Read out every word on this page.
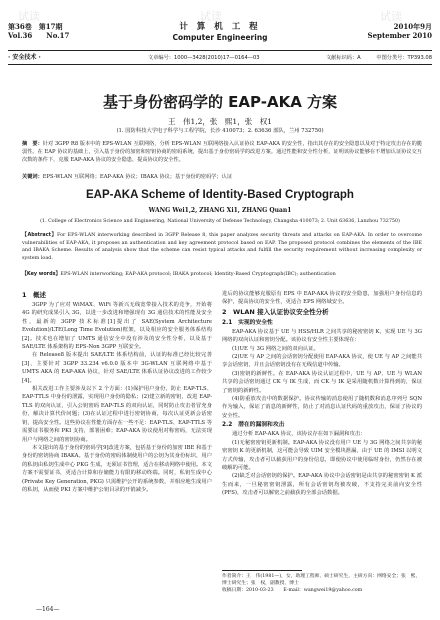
试读	试读	试读
第36卷　第17期
Vol.36　　No.17
计 算 机 工 程
Computer Engineering
2010年9月
September 2010
· 安全技术 ·	文章编号：1000—3428(2010)17—0164—03	文献标识码：A	中图分类号：TP393.08
基于身份密码学的 EAP-AKA 方案
王　伟1,2，张　熙1，张　权1
(1. 国防科技大学电子科学与工程学院，长沙 410073；2. 63636 部队，兰州 732750)
摘　要：针对 3GPP R8 版本中的 EPS-WLAN 互联网络，分析 EPS-WLAN 互联网络接入认证协议 EAP-AKA 的安全性，指出其存在的安全隐患以及对于特定攻击存在的脆弱性。在 EAP 协议的基础上，引入基于身份的加密和密钥协商的密码系统，提出基于身份密码学的改进方案。通过性能和安全性分析，证明该协议能够在不增加认证协议交互次数的条件下，克服 EAP-AKA 协议的安全隐患，提高协议的安全性。
关键词：EPS-WLAN 互联网络；EAP-AKA 协议；IBAKA 协议；基于身份的密码学；认证
EAP-AKA Scheme of Identity-Based Cryptograph
WANG Wei1,2, ZHANG Xi1, ZHANG Quan1
(1. College of Electronics Science and Engineering, National University of Defense Technology, Changsha 410073; 2. Unit 63636, Lanzhou 732750)
【Abstract】For EPS-WLAN interworking described in 3GPP Release 8, this paper analyzes security threats and attacks on EAP-AKA. In order to overcome vulnerabilities of EAP-AKA, it proposes an authentication and key agreement protocol based on EAP. The proposed protocol combines the elements of the IBE and IBAKA Scheme. Results of analysis show that the scheme can resist typical attacks and fulfill the security requirement without increasing complexity or system load.
【Key words】EPS-WLAN interworking; EAP-AKA protocol; IBAKA protocol; Identity-Based Cryptograph(IBC); authentication
1　概述

3GPP 为了应对 WiMAX、WiFi 等新兴无线宽带接入技术的竞争，开始将 4G 的研究成果引入 3G，以进一步改进和增强现有 3G 通信技术的性能及安全性，最新的 3GPP 技术标准[1]提出了 SAE(System Architecture Evolution)/LTE(Long Time Evolution)框架，以及相应的安全服务体系结构[2]。技术也在增加了 UMTS 通信安全中没有涉及的安全性分析，以及基于 SAE/LTE 体系架构的 EPS-Non 3GPP 互联安全。

在 Release8 版本提出 SAE/LTE 体系结构前，认证的标准已经比较完善[3]，主要针对 3GPP 33.234 v6.0.0 版本中 3G-WLAN 互联网络中基于 UMTS AKA 的 EAP-AKA 协议，针对 SAE/LTE 体系认证协议改进的工作较少[4]。

相关改进工作主要涉及以下 2 个方面：(1)保护用户身份，防止 EAP-TLS、EAP-TTLS 中身份的泄露，实现用户身份的隐私；(2)建立新的密钥，改进 EAP-TLS 的双向认证，引入公钥密码 EAP-TLS 的双向认证，同时防止攻击者冒充身份，解决计算代价问题；(3)在认证过程中进行密钥协商，每次认证更新会话密钥，提高安全性。这些协议在性能方面存在一些不足：EAP-TLS、EAP-TTLS 等需要证书服务和 PKI 支持，部署困难；EAP-AKA 协议使用对称密码，无法实现用户与网络之间的密钥协商。

本文提出的基于身份的密码学[9]改进方案，包括基于身份的加密 IBE 和基于身份的密钥协商 IBAKA。基于身份的密码体制使用户的公钥为其身份标识，用户的私钥由私钥生成中心 PKG 生成，无须证书管理，适合在移动网络中使用。本文方案不需要证书，更适合计算和存储能力有限的移动终端。同时，私钥生成中心 (Private Key Generation, PKG) 只需维护公开的系统参数，并相应地生成用户的私钥，从而使 PKI 方案中维护公钥目录的开销减少。

进后的协议能够克服原有 EPS 中 EAP-AKA 协议的安全隐患，加强用户身份信息的保护，提高协议的安全性，更适合 EPS 网络域安全。

2　WLAN 接入认证协议安全性分析
2.1　实现的安全性

EAP-AKA 协议基于 UE 与 HSS/HLR 之间共享的秘密密钥 K，实现 UE 与 3G 网络的双向认证和密钥分配。该协议有安全性主要体现在：

(1)UE 与 3G 网络之间的双向认证。

(2)UE 与 AP 之间的会话密钥分配使用 EAP-AKA 协议，使 UE 与 AP 之间能共享会话密钥，并且会话密钥没有在无线信道中传输。

(3)密钥的新鲜性。在 EAP-AKA 协议认证过程中，UE 与 AP、UE 与 WLAN 共享的会话密钥通过 CK 与 IK 生成，而 CK 与 IK 是采用随机数计算得到的，保证了密钥的新鲜性。

(4)防重放攻击中的数据保护。协议传输的消息使用了随机数和消息序列号 SQN 作为输入，保证了消息的新鲜性，防止了对消息认证代码的重放攻击，保证了协议的安全性。

2.2　潜在的漏洞和攻击

通过分析 EAP-AKA 协议，该协议存在如下漏洞和攻击：

(1)无秘密密钥更新机制。EAP-AKA 协议没有用户 UE 与 3G 网络之间共享的秘密密钥 K 的更新机制，这可能会导致 UIM 安全模块泄漏，由于 UE 的 IMSI 以明文方式传输，攻击者可以截获用户的身份信息，即使协议中使用临时身份，仍然存在被破解的可能。

(2)缺乏对会话密钥的保护。EAP-AKA 协议中会话密钥是由共享的秘密密钥 K 派生而来，一旦秘密密钥泄露，所有会话密钥均被攻破，不支持完美前向安全性(PFS)，攻击者可以解密之前截获的全部会话数据。

作者简介：王　伟(1981—)，女，助理工程师、硕士研究生，主研方向：网络安全；张　熙，博士研究生；张　权，副教授、博士
收稿日期：2010-03-23　　E-mail：wangwei19@yahoo.com
—164—
